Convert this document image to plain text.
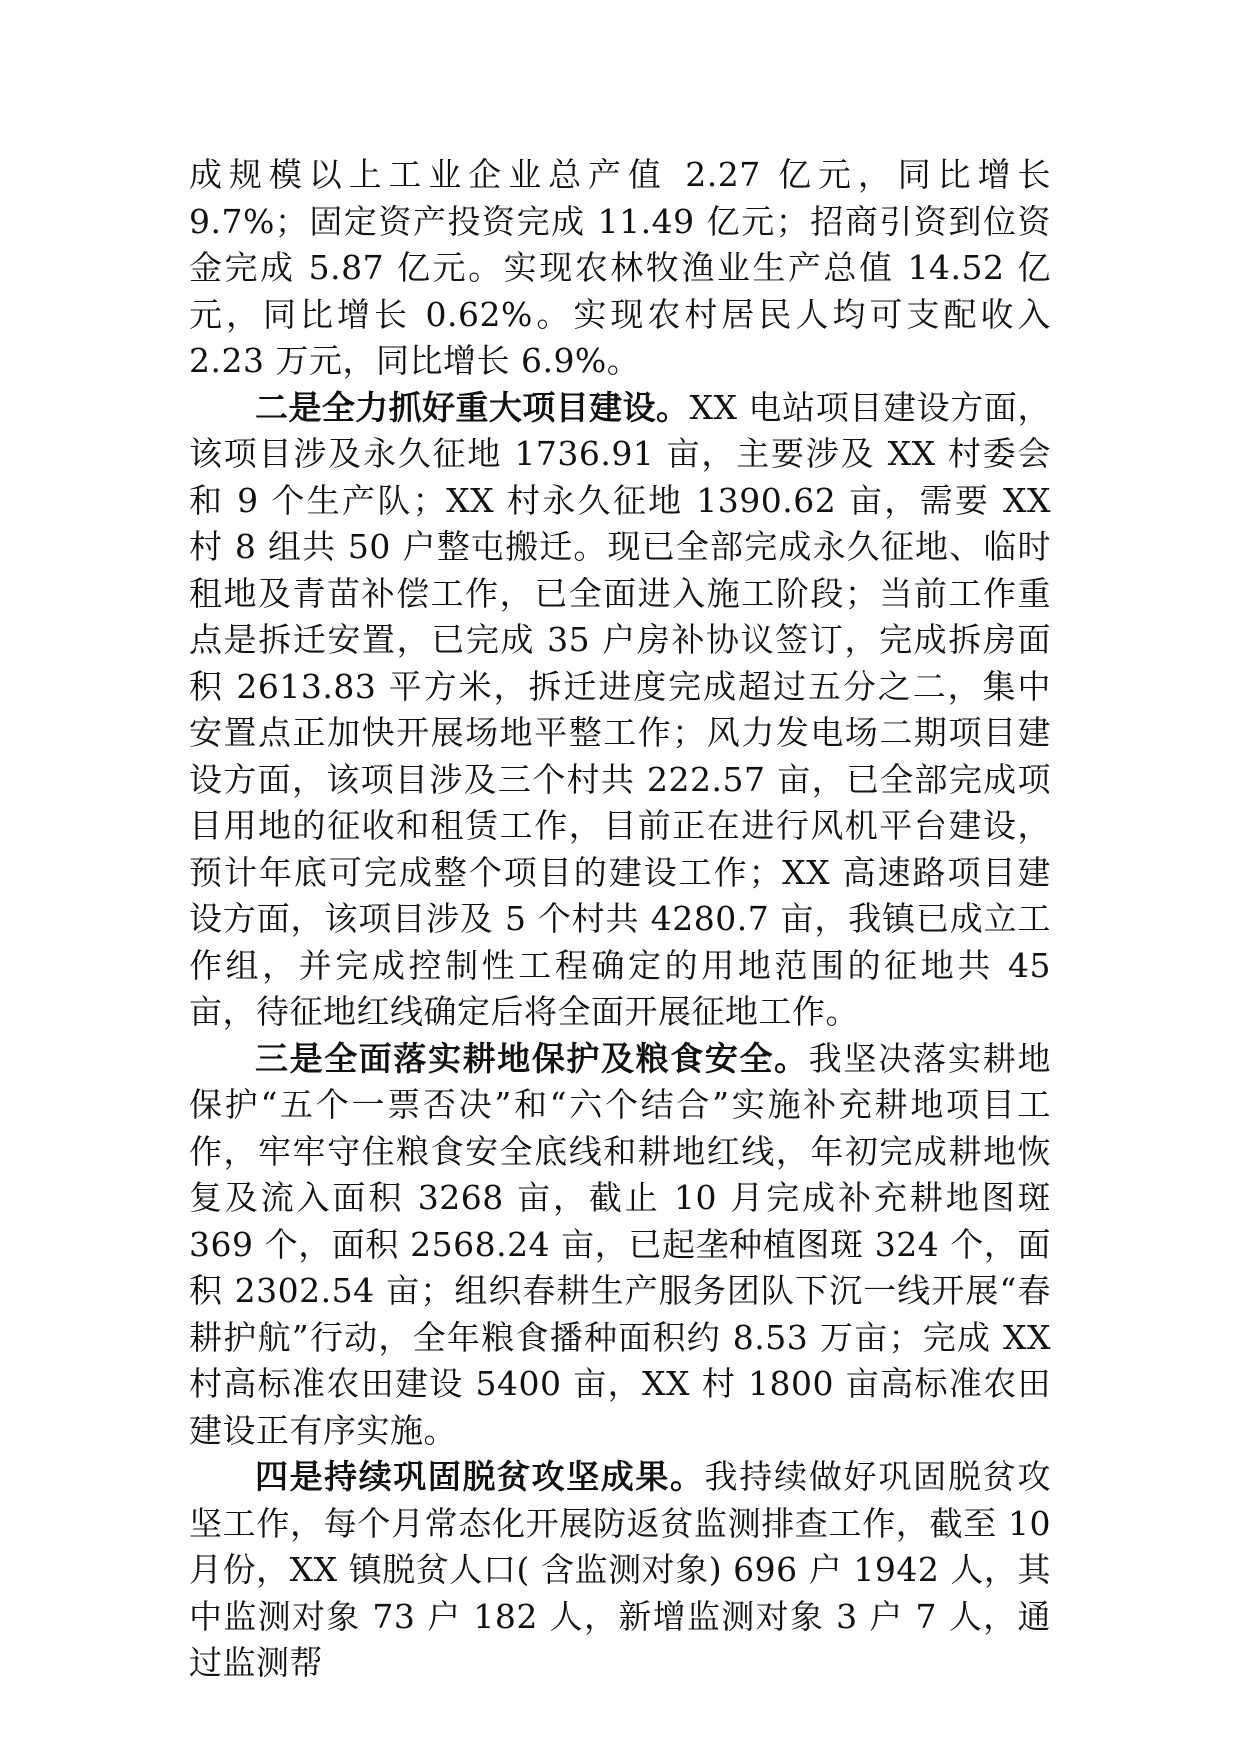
成规模以上工业企业总产值 2.27 亿元，同比增长 9.7%；固定资产投资完成 11.49 亿元；招商引资到位资金完成 5.87 亿元。实现农林牧渔业生产总值 14.52 亿元，同比增长 0.62%。实现农村居民人均可支配收入 2.23 万元，同比增长 6.9%。

二是全力抓好重大项目建设。XX 电站项目建设方面，该项目涉及永久征地 1736.91 亩，主要涉及 XX 村委会和 9 个生产队；XX 村永久征地 1390.62 亩，需要 XX 村 8 组共 50 户整屯搬迁。现已全部完成永久征地、临时租地及青苗补偿工作，已全面进入施工阶段；当前工作重点是拆迁安置，已完成 35 户房补协议签订，完成拆房面积 2613.83 平方米，拆迁进度完成超过五分之二，集中安置点正加快开展场地平整工作；风力发电场二期项目建设方面，该项目涉及三个村共 222.57 亩，已全部完成项目用地的征收和租赁工作，目前正在进行风机平台建设，预计年底可完成整个项目的建设工作；XX 高速路项目建设方面，该项目涉及 5 个村共 4280.7 亩，我镇已成立工作组，并完成控制性工程确定的用地范围的征地共 45 亩，待征地红线确定后将全面开展征地工作。

三是全面落实耕地保护及粮食安全。我坚决落实耕地保护“五个一票否决”和“六个结合”实施补充耕地项目工作，牢牢守住粮食安全底线和耕地红线，年初完成耕地恢复及流入面积 3268 亩，截止 10 月完成补充耕地图斑 369 个，面积 2568.24 亩，已起垄种植图斑 324 个，面积 2302.54 亩；组织春耕生产服务团队下沉一线开展“春耕护航”行动，全年粮食播种面积约 8.53 万亩；完成 XX 村高标准农田建设 5400 亩，XX 村 1800 亩高标准农田建设正有序实施。

四是持续巩固脱贫攻坚成果。我持续做好巩固脱贫攻坚工作，每个月常态化开展防返贫监测排查工作，截至 10 月份，XX 镇脱贫人口( 含监测对象) 696 户 1942 人，其中监测对象 73 户 182 人，新增监测对象 3 户 7 人，通过监测帮
